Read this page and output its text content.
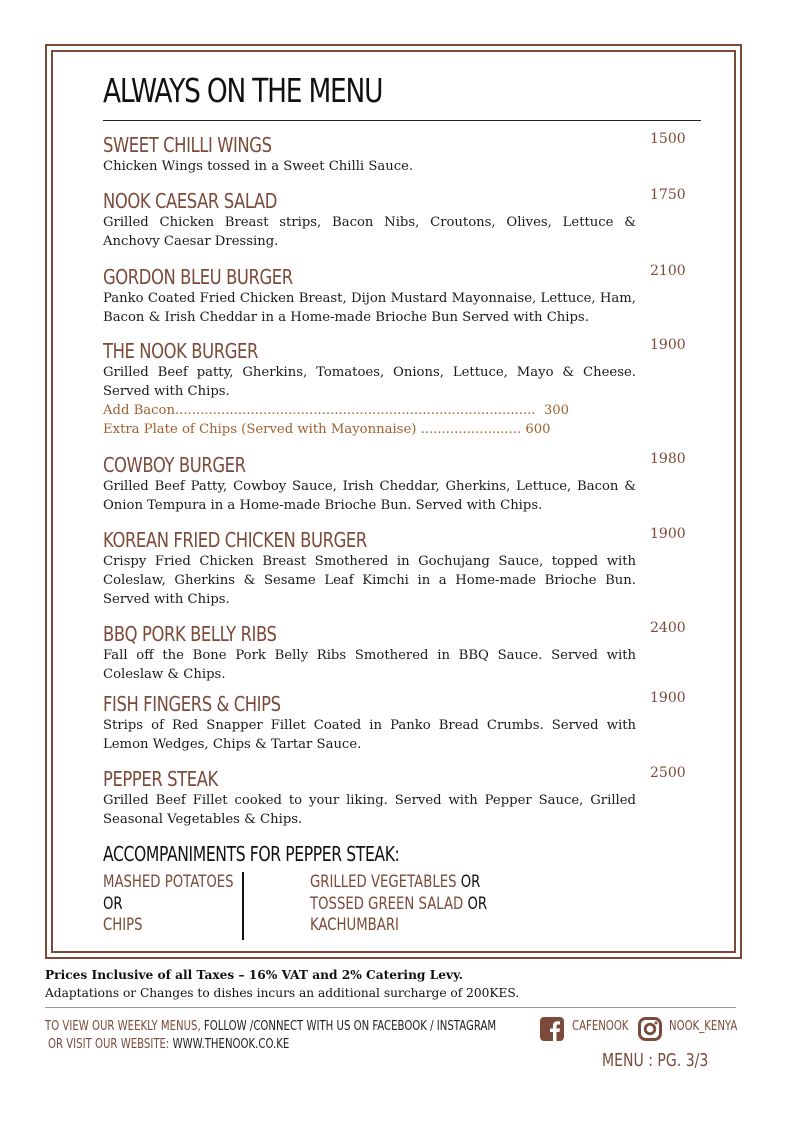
ALWAYS ON THE MENU
SWEET CHILLI WINGS
Chicken Wings tossed in a Sweet Chilli Sauce.
1500
NOOK CAESAR SALAD
Grilled Chicken Breast strips, Bacon Nibs, Croutons, Olives, Lettuce & Anchovy Caesar Dressing.
1750
GORDON BLEU BURGER
Panko Coated Fried Chicken Breast, Dijon Mustard Mayonnaise, Lettuce, Ham, Bacon & Irish Cheddar in a Home-made Brioche Bun Served with Chips.
2100
THE NOOK BURGER
Grilled Beef patty, Gherkins, Tomatoes, Onions, Lettuce, Mayo & Cheese. Served with Chips.
Add Bacon...................................................................................... 300
Extra Plate of Chips (Served with Mayonnaise) ........................ 600
1900
COWBOY BURGER
Grilled Beef Patty, Cowboy Sauce, Irish Cheddar, Gherkins, Lettuce, Bacon & Onion Tempura in a Home-made Brioche Bun. Served with Chips.
1980
KOREAN FRIED CHICKEN BURGER
Crispy Fried Chicken Breast Smothered in Gochujang Sauce, topped with Coleslaw, Gherkins & Sesame Leaf Kimchi in a Home-made Brioche Bun. Served with Chips.
1900
BBQ PORK BELLY RIBS
Fall off the Bone Pork Belly Ribs Smothered in BBQ Sauce. Served with Coleslaw & Chips.
2400
FISH FINGERS & CHIPS
Strips of Red Snapper Fillet Coated in Panko Bread Crumbs. Served with Lemon Wedges, Chips & Tartar Sauce.
1900
PEPPER STEAK
Grilled Beef Fillet cooked to your liking. Served with Pepper Sauce, Grilled Seasonal Vegetables & Chips.
2500
ACCOMPANIMENTS FOR PEPPER STEAK:
MASHED POTATOES
OR
CHIPS
GRILLED VEGETABLES OR
TOSSED GREEN SALAD OR
KACHUMBARI
Prices Inclusive of all Taxes – 16% VAT and 2% Catering Levy.
Adaptations or Changes to dishes incurs an additional surcharge of 200KES.
TO VIEW OUR WEEKLY MENUS, FOLLOW /CONNECT WITH US ON FACEBOOK / INSTAGRAM
OR VISIT OUR WEBSITE: WWW.THENOOK.CO.KE
CAFENOOK	NOOK_KENYA
MENU : PG. 3/3
